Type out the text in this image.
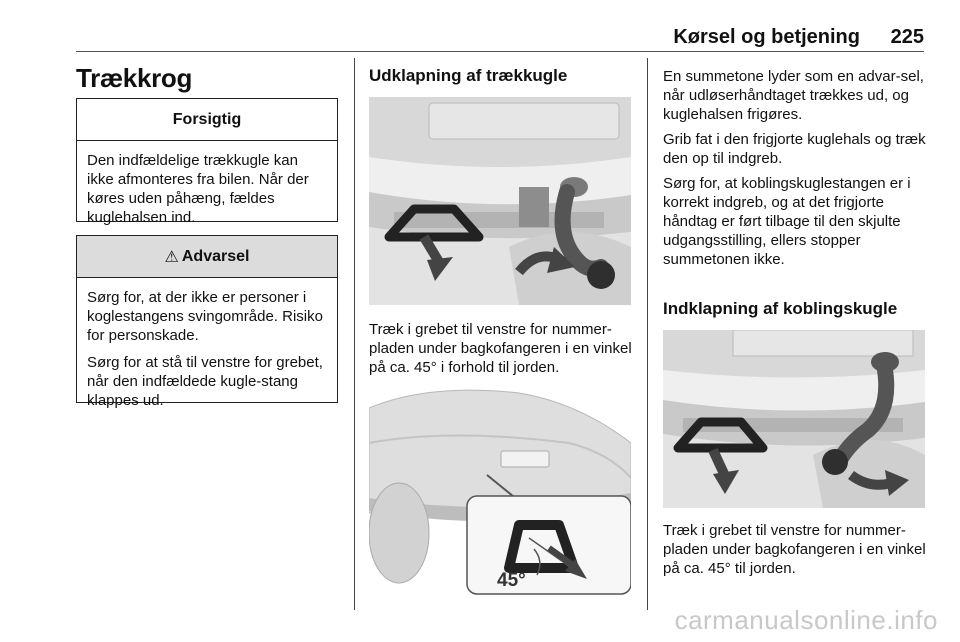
Kørsel og betjening 225
Trækkrog
Forsigtig

Den indfældelige trækkugle kan ikke afmonteres fra bilen. Når der køres uden påhæng, fældes kuglehalsen ind.

⚠ Advarsel

Sørg for, at der ikke er personer i koglestangens svingområde. Risiko for personskade.

Sørg for at stå til venstre for grebet, når den indfældede kugle-stang klappes ud.

Udklapning af trækkugle

Træk i grebet til venstre for nummer-pladen under bagkofangeren i en vinkel på ca. 45° i forhold til jorden.

45°

En summetone lyder som en advar-sel, når udløserhåndtaget trækkes ud, og kuglehalsen frigøres.

Grib fat i den frigjorte kuglehals og træk den op til indgreb.

Sørg for, at koblingskuglestangen er i korrekt indgreb, og at det frigjorte håndtag er ført tilbage til den skjulte udgangsstilling, ellers stopper summetonen ikke.

Indklapning af koblingskugle

Træk i grebet til venstre for nummer-pladen under bagkofangeren i en vinkel på ca. 45° til jorden.

carmanualsonline.info
